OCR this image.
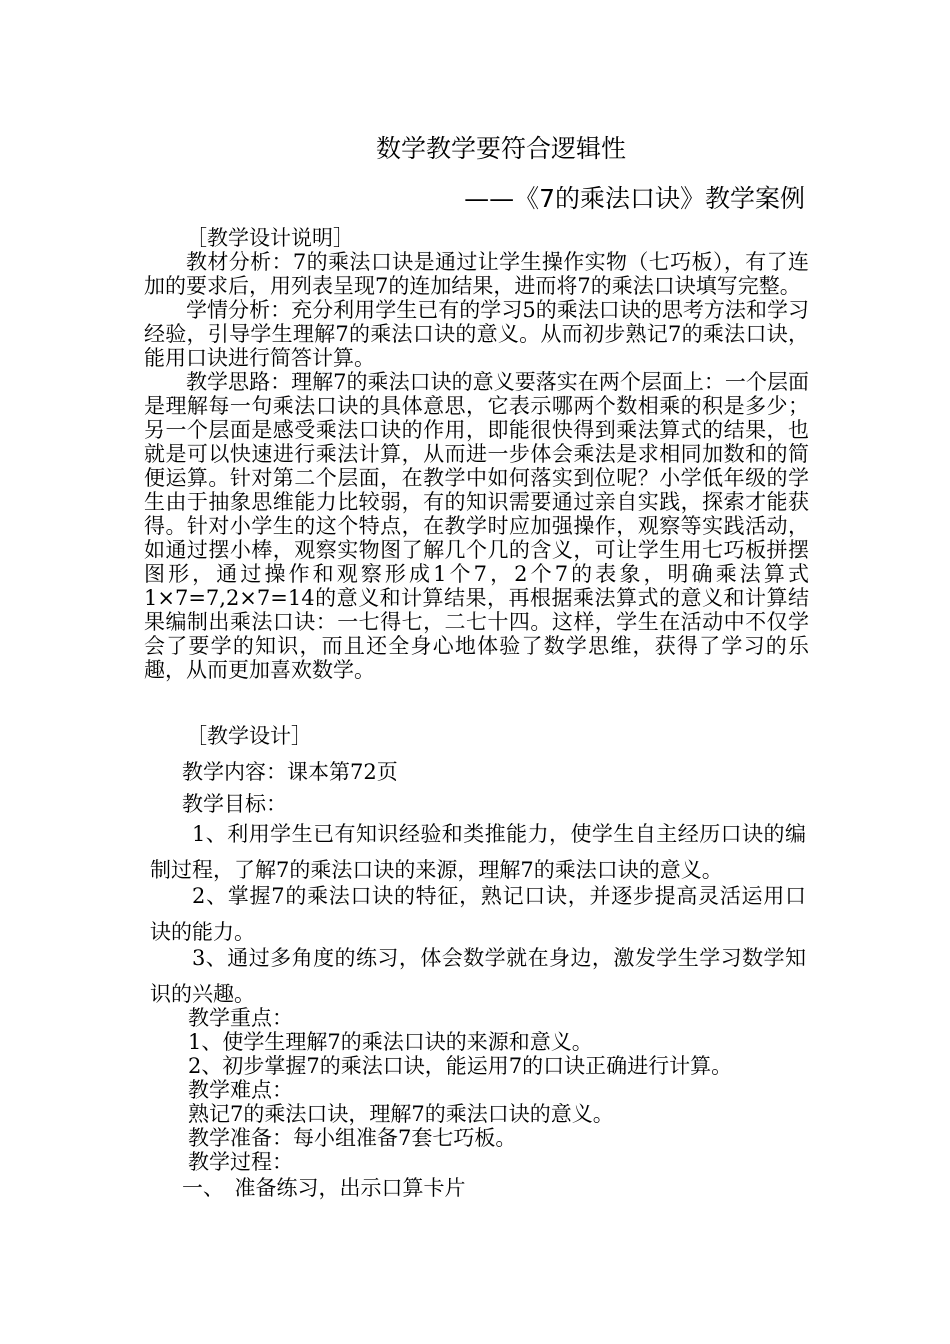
数学教学要符合逻辑性
——《7的乘法口诀》教学案例
［教学设计说明］

教材分析：7的乘法口诀是通过让学生操作实物（七巧板），有了连加的要求后，用列表呈现7的连加结果，进而将7的乘法口诀填写完整。

学情分析：充分利用学生已有的学习5的乘法口诀的思考方法和学习经验，引导学生理解7的乘法口诀的意义。从而初步熟记7的乘法口诀，能用口诀进行简答计算。

教学思路：理解7的乘法口诀的意义要落实在两个层面上：一个层面是理解每一句乘法口诀的具体意思，它表示哪两个数相乘的积是多少；另一个层面是感受乘法口诀的作用，即能很快得到乘法算式的结果，也就是可以快速进行乘法计算，从而进一步体会乘法是求相同加数和的简便运算。针对第二个层面，在教学中如何落实到位呢？小学低年级的学生由于抽象思维能力比较弱，有的知识需要通过亲自实践，探索才能获得。针对小学生的这个特点，在教学时应加强操作，观察等实践活动，如通过摆小棒，观察实物图了解几个几的含义，可让学生用七巧板拼摆图形，通过操作和观察形成1个7，2个7的表象，明确乘法算式1×7=7,2×7=14的意义和计算结果，再根据乘法算式的意义和计算结果编制出乘法口诀：一七得七，二七十四。这样，学生在活动中不仅学会了要学的知识，而且还全身心地体验了数学思维，获得了学习的乐趣，从而更加喜欢数学。

［教学设计］
教学内容：课本第72页
教学目标：

1、利用学生已有知识经验和类推能力，使学生自主经历口诀的编制过程，了解7的乘法口诀的来源，理解7的乘法口诀的意义。

2、掌握7的乘法口诀的特征，熟记口诀，并逐步提高灵活运用口诀的能力。

3、通过多角度的练习，体会数学就在身边，激发学生学习数学知识的兴趣。

教学重点：
1、使学生理解7的乘法口诀的来源和意义。
2、初步掌握7的乘法口诀，能运用7的口诀正确进行计算。
教学难点：
熟记7的乘法口诀，理解7的乘法口诀的意义。
教学准备：每小组准备7套七巧板。
教学过程：
一、　准备练习，出示口算卡片
